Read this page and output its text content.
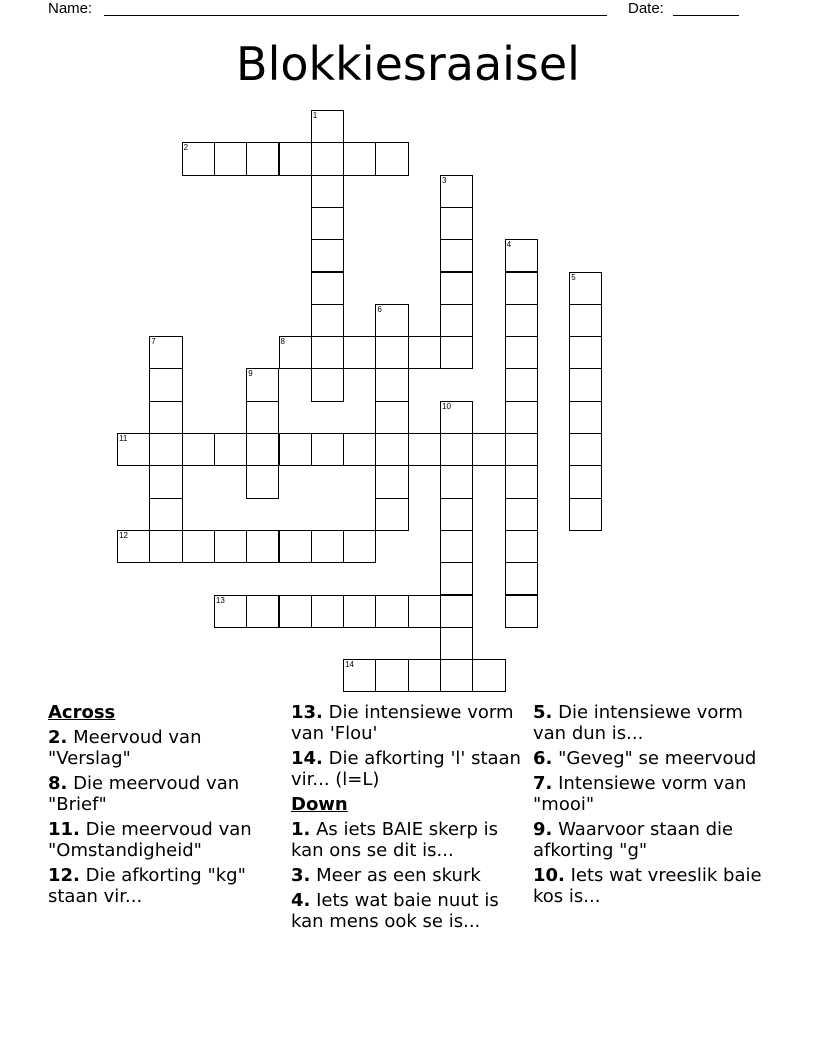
Name:	Date:
Blokkiesraaisel
1
2
3
4
5
6
7	8
9
10
11
12
13
14
Across
2. Meervoud van "Verslag"
8. Die meervoud van "Brief"
11. Die meervoud van "Omstandigheid"
12. Die afkorting "kg" staan vir...
13. Die intensiewe vorm van 'Flou'
14. Die afkorting 'l' staan vir... (l=L)
Down
1. As iets BAIE skerp is kan ons se dit is...
3. Meer as een skurk
4. Iets wat baie nuut is kan mens ook se is...
5. Die intensiewe vorm van dun is...
6. "Geveg" se meervoud
7. Intensiewe vorm van "mooi"
9. Waarvoor staan die afkorting "g"
10. Iets wat vreeslik baie kos is...
